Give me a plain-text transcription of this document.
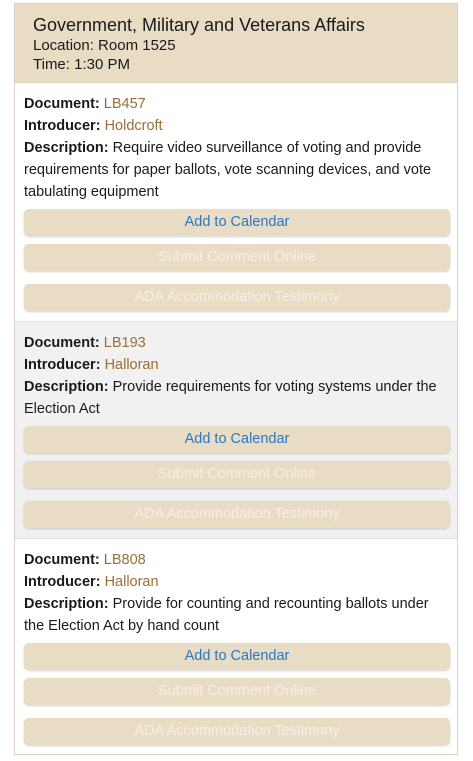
Government, Military and Veterans Affairs
Location: Room 1525
Time: 1:30 PM
Document: LB457
Introducer: Holdcroft
Description: Require video surveillance of voting and provide requirements for paper ballots, vote scanning devices, and vote tabulating equipment
Add to Calendar
Submit Comment Online
ADA Accommodation Testimony
Document: LB193
Introducer: Halloran
Description: Provide requirements for voting systems under the Election Act
Add to Calendar
Submit Comment Online
ADA Accommodation Testimony
Document: LB808
Introducer: Halloran
Description: Provide for counting and recounting ballots under the Election Act by hand count
Add to Calendar
Submit Comment Online
ADA Accommodation Testimony
